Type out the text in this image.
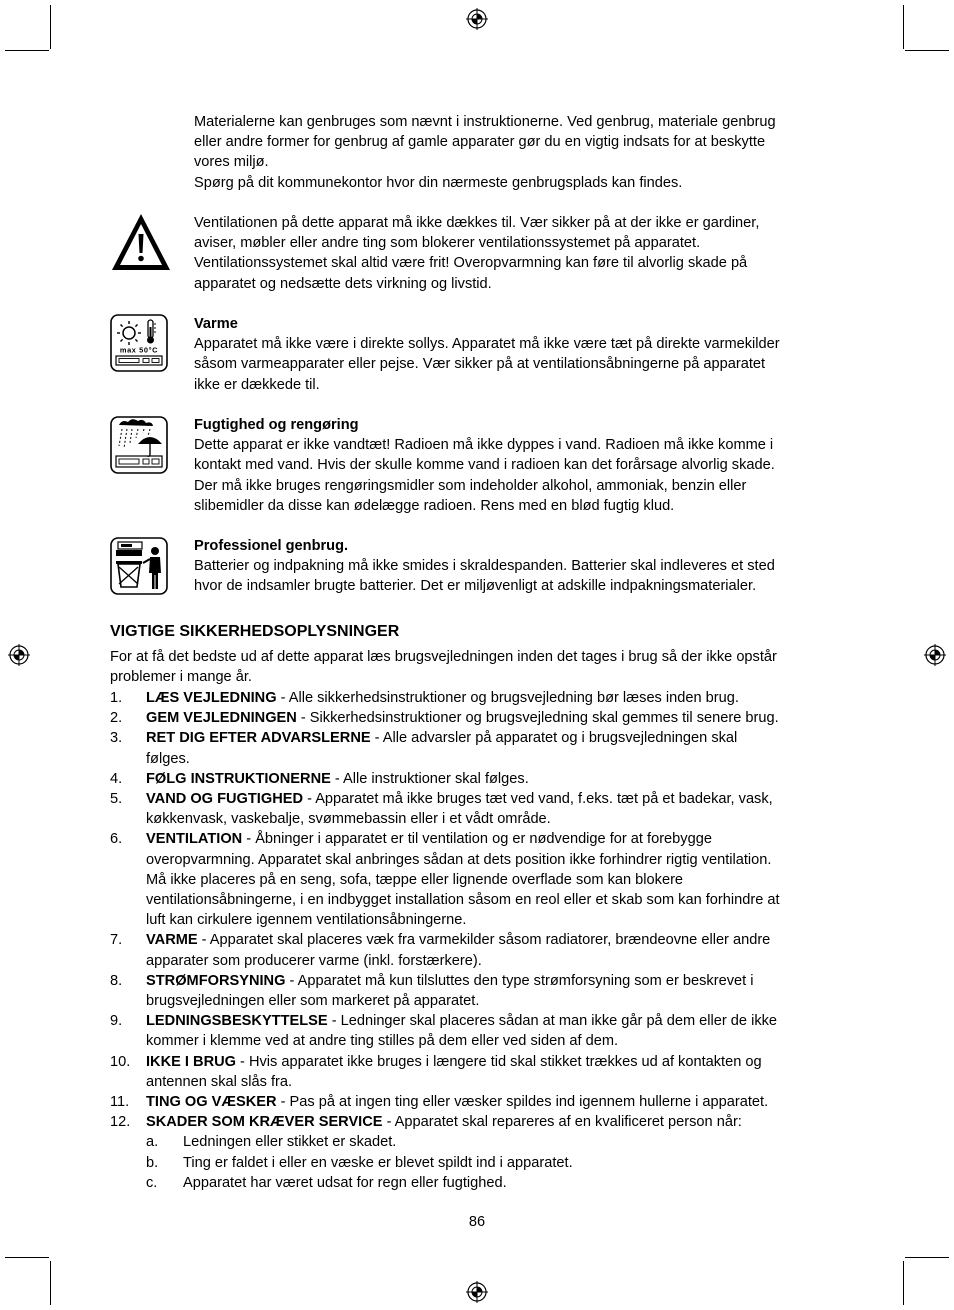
Materialerne kan genbruges som nævnt i instruktionerne. Ved genbrug, materiale genbrug
eller andre former for genbrug af gamle apparater gør du en vigtig indsats for at beskytte
vores miljø.
Spørg på dit kommunekontor hvor din nærmeste genbrugsplads kan findes.
Ventilationen på dette apparat må ikke dækkes til. Vær sikker på at der ikke er gardiner,
aviser, møbler eller andre ting som blokerer ventilationssystemet på apparatet.
Ventilationssystemet skal altid være frit! Overopvarmning kan føre til alvorlig skade på
apparatet og nedsætte dets virkning og livstid.
max 50°C
Varme
Apparatet må ikke være i direkte sollys. Apparatet må ikke være tæt på direkte varmekilder
såsom varmeapparater eller pejse. Vær sikker på at ventilationsåbningerne på apparatet
ikke er dækkede til.
Fugtighed og rengøring
Dette apparat er ikke vandtæt! Radioen må ikke dyppes i vand. Radioen må ikke komme i
kontakt med vand. Hvis der skulle komme vand i radioen kan det forårsage alvorlig skade.
Der må ikke bruges rengøringsmidler som indeholder alkohol, ammoniak, benzin eller
slibemidler da disse kan ødelægge radioen. Rens med en blød fugtig klud.
Professionel genbrug.
Batterier og indpakning må ikke smides i skraldespanden. Batterier skal indleveres et sted
hvor de indsamler brugte batterier. Det er miljøvenligt at adskille indpakningsmaterialer.
VIGTIGE SIKKERHEDSOPLYSNINGER
For at få det bedste ud af dette apparat læs brugsvejledningen inden det tages i brug så der ikke opstår
problemer i mange år.
1. LÆS VEJLEDNING - Alle sikkerhedsinstruktioner og brugsvejledning bør læses inden brug.
2. GEM VEJLEDNINGEN - Sikkerhedsinstruktioner og brugsvejledning skal gemmes til senere brug.
3. RET DIG EFTER ADVARSLERNE - Alle advarsler på apparatet og i brugsvejledningen skal
følges.
4. FØLG INSTRUKTIONERNE - Alle instruktioner skal følges.
5. VAND OG FUGTIGHED - Apparatet må ikke bruges tæt ved vand, f.eks. tæt på et badekar, vask,
køkkenvask, vaskebalje, svømmebassin eller i et vådt område.
6. VENTILATION - Åbninger i apparatet er til ventilation og er nødvendige for at forebygge
overopvarmning. Apparatet skal anbringes sådan at dets position ikke forhindrer rigtig ventilation.
Må ikke placeres på en seng, sofa, tæppe eller lignende overflade som kan blokere
ventilationsåbningerne, i en indbygget installation såsom en reol eller et skab som kan forhindre at
luft kan cirkulere igennem ventilationsåbningerne.
7. VARME - Apparatet skal placeres væk fra varmekilder såsom radiatorer, brændeovne eller andre
apparater som producerer varme (inkl. forstærkere).
8. STRØMFORSYNING - Apparatet må kun tilsluttes den type strømforsyning som er beskrevet i
brugsvejledningen eller som markeret på apparatet.
9. LEDNINGSBESKYTTELSE - Ledninger skal placeres sådan at man ikke går på dem eller de ikke
kommer i klemme ved at andre ting stilles på dem eller ved siden af dem.
10. IKKE I BRUG - Hvis apparatet ikke bruges i længere tid skal stikket trækkes ud af kontakten og
antennen skal slås fra.
11. TING OG VÆSKER - Pas på at ingen ting eller væsker spildes ind igennem hullerne i apparatet.
12. SKADER SOM KRÆVER SERVICE - Apparatet skal repareres af en kvalificeret person når:
a. Ledningen eller stikket er skadet.
b. Ting er faldet i eller en væske er blevet spildt ind i apparatet.
c. Apparatet har været udsat for regn eller fugtighed.
86
